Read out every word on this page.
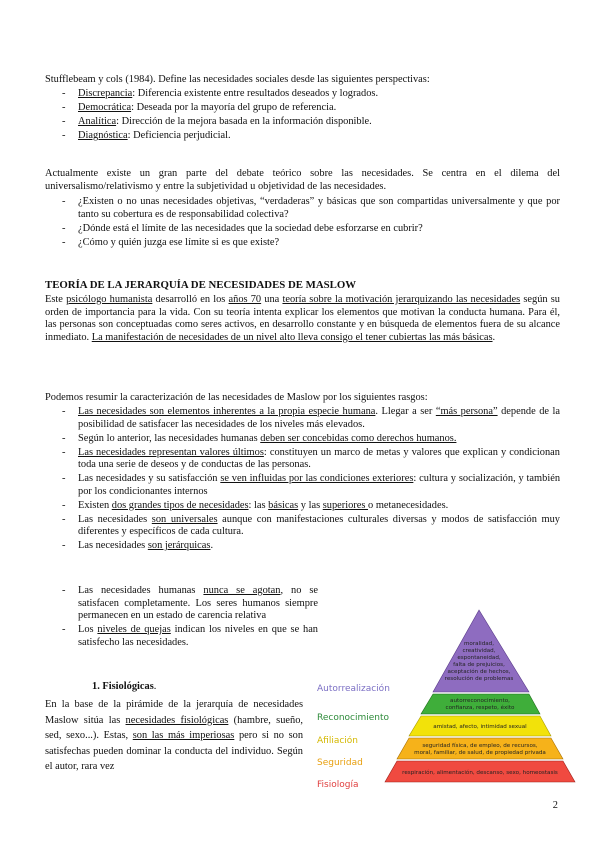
Stufflebeam y cols (1984). Define las necesidades sociales desde las siguientes perspectivas:

- Discrepancia: Diferencia existente entre resultados deseados y logrados.
- Democrática: Deseada por la mayoría del grupo de referencia.
- Analítica: Dirección de la mejora basada en la información disponible.
- Diagnóstica: Deficiencia perjudicial.

Actualmente existe un gran parte del debate teórico sobre las necesidades. Se centra en el dilema del universalismo/relativismo y entre la subjetividad u objetividad de las necesidades.

- ¿Existen o no unas necesidades objetivas, “verdaderas” y básicas que son compartidas universalmente y que por tanto su cobertura es de responsabilidad colectiva?
- ¿Dónde está el límite de las necesidades que la sociedad debe esforzarse en cubrir?
- ¿Cómo y quién juzga ese límite si es que existe?
TEORÍA DE LA JERARQUÍA DE NECESIDADES DE MASLOW

Este psicólogo humanista desarrolló en los años 70 una teoría sobre la motivación jerarquizando las necesidades según su orden de importancia para la vida. Con su teoría intenta explicar los elementos que motivan la conducta humana. Para él, las personas son conceptuadas como seres activos, en desarrollo constante y en búsqueda de elementos fuera de su alcance inmediato. La manifestación de necesidades de un nivel alto lleva consigo el tener cubiertas las más básicas.

Podemos resumir la caracterización de las necesidades de Maslow por los siguientes rasgos:

- Las necesidades son elementos inherentes a la propia especie humana. Llegar a ser “más persona” depende de la posibilidad de satisfacer las necesidades de los niveles más elevados.
- Según lo anterior, las necesidades humanas deben ser concebidas como derechos humanos.
- Las necesidades representan valores últimos: constituyen un marco de metas y valores que explican y condicionan toda una serie de deseos y de conductas de las personas.
- Las necesidades y su satisfacción se ven influidas por las condiciones exteriores: cultura y socialización, y también por los condicionantes internos
- Existen dos grandes tipos de necesidades: las básicas y las superiores o metanecesidades.
- Las necesidades son universales aunque con manifestaciones culturales diversas y modos de satisfacción muy diferentes y específicos de cada cultura.
- Las necesidades son jerárquicas.
- Las necesidades humanas nunca se agotan, no se satisfacen completamente. Los seres humanos siempre permanecen en un estado de carencia relativa
- Los niveles de quejas indican los niveles en que se han satisfecho las necesidades.

1. Fisiológicas.

En la base de la pirámide de la jerarquía de necesidades Maslow sitúa las necesidades fisiológicas (hambre, sueño, sed, sexo...). Estas, son las más imperiosas pero si no son satisfechas pueden dominar la conducta del individuo. Según el autor, rara vez

Autorrealización
Reconocimiento
Afiliación
Seguridad
Fisiología
moralidad,
creatividad,
espontaneidad,
falta de prejuicios,
aceptación de hechos,
resolución de problemas
autorreconocimiento,
confianza, respeto, éxito
amistad, afecto, intimidad sexual
seguridad física, de empleo, de recursos,
moral, familiar, de salud, de propiedad privada
respiración, alimentación, descanso, sexo, homeostasis
2
